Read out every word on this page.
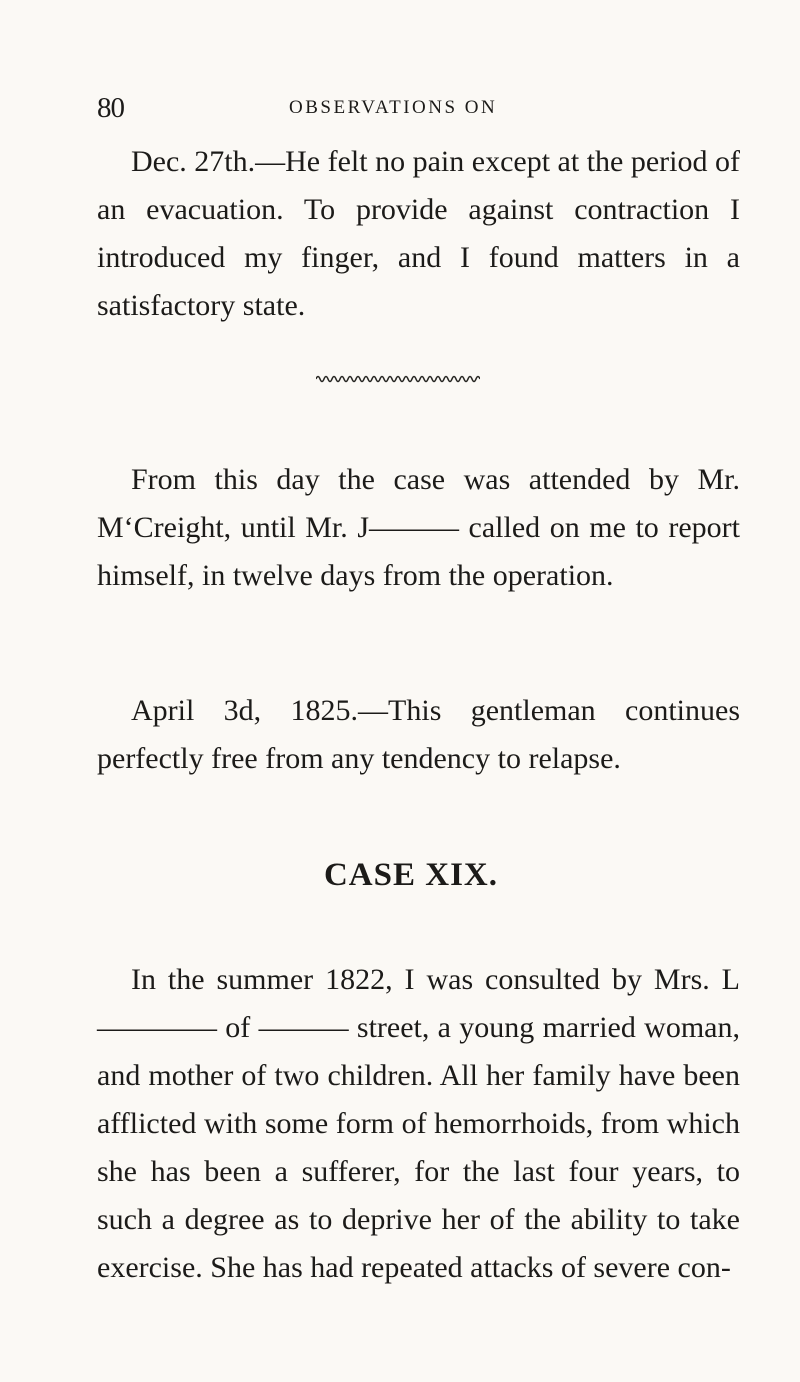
80	OBSERVATIONS ON

Dec. 27th.—He felt no pain except at the period of an evacuation. To provide against contraction I introduced my finger, and I found matters in a satisfactory state.

From this day the case was attended by Mr. M‘Creight, until Mr. J——— called on me to report himself, in twelve days from the operation.

April 3d, 1825.—This gentleman continues perfectly free from any tendency to relapse.

CASE XIX.

In the summer 1822, I was consulted by Mrs. L———— of ——— street, a young married woman, and mother of two children. All her family have been afflicted with some form of hemorrhoids, from which she has been a sufferer, for the last four years, to such a degree as to deprive her of the ability to take exercise. She has had repeated attacks of severe con-
